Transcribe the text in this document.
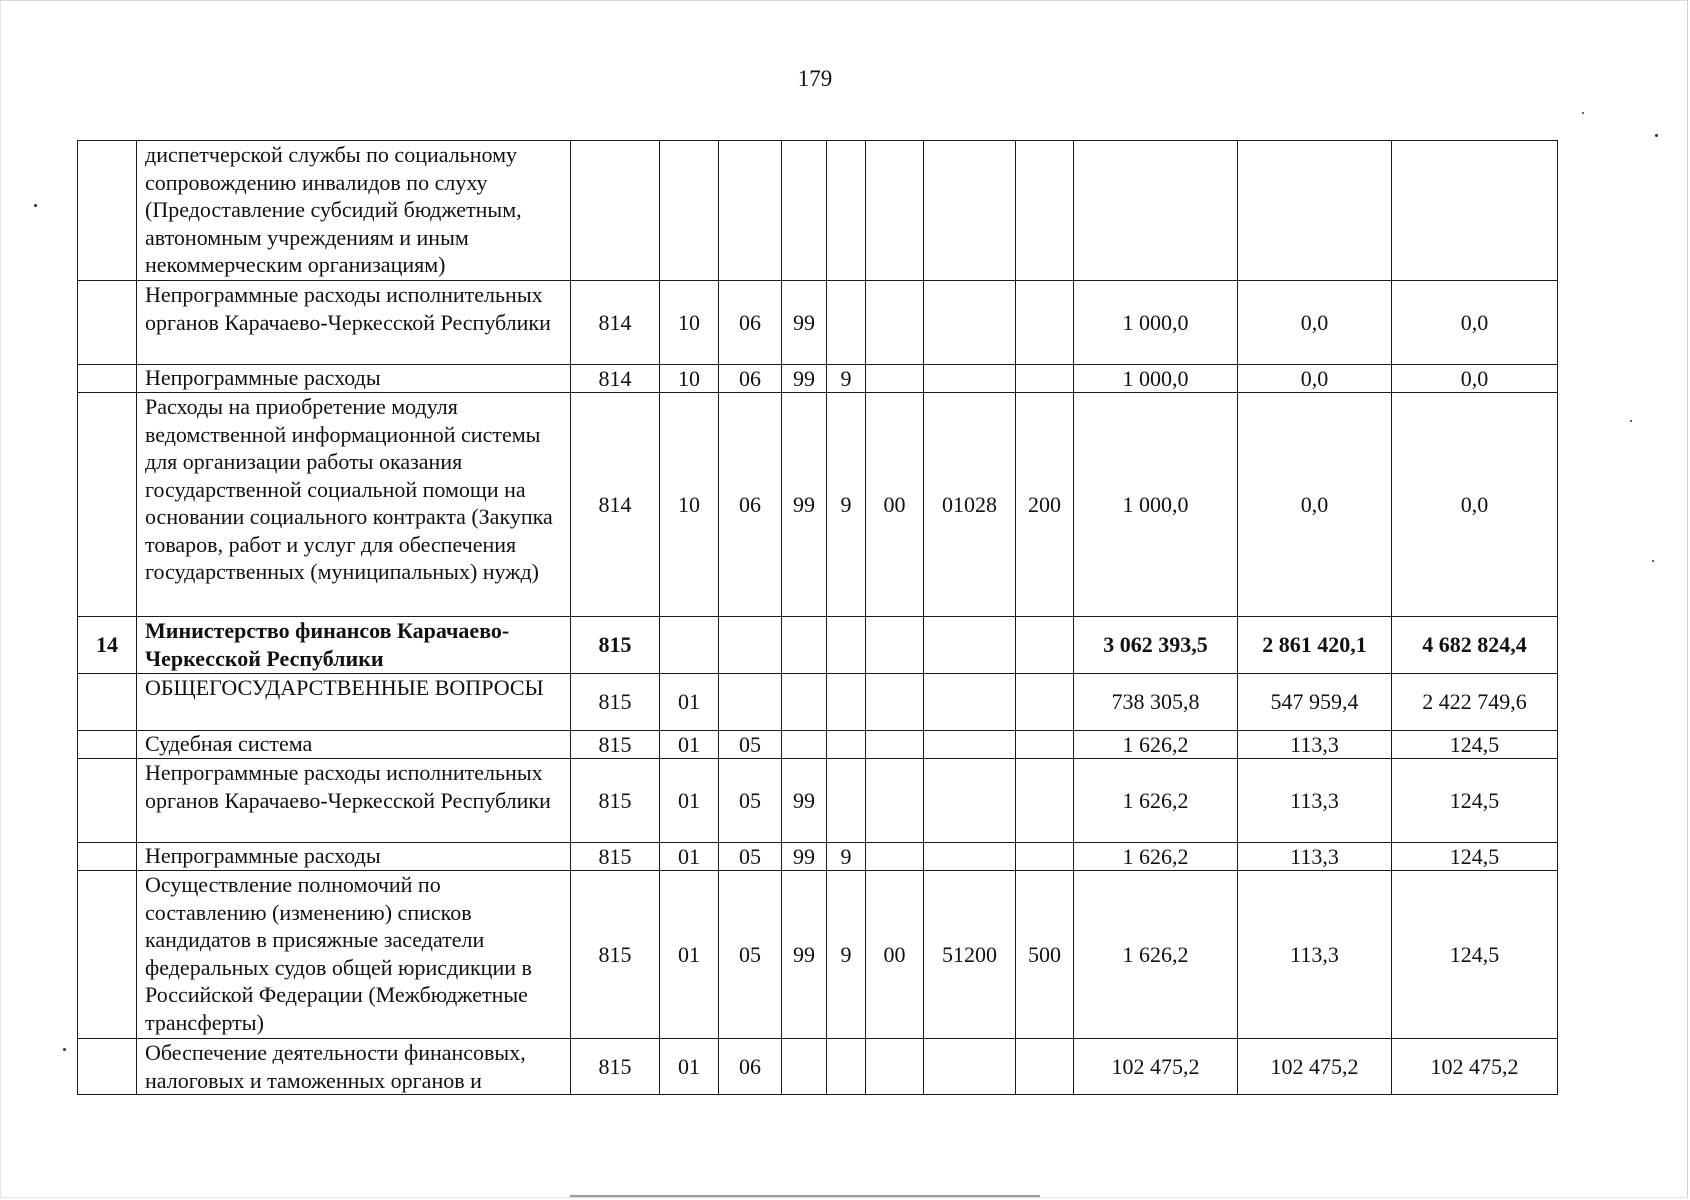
179
	диспетчерской службы по социальному сопровождению инвалидов по слуху (Предоставление субсидий бюджетным, автономным учреждениям и иным некоммерческим организациям)											
	Непрограммные расходы исполнительных органов Карачаево-Черкесской Республики	814	10	06	99					1 000,0	0,0	0,0
	Непрограммные расходы	814	10	06	99	9				1 000,0	0,0	0,0
	Расходы на приобретение модуля ведомственной информационной системы для организации работы оказания государственной социальной помощи на основании социального контракта (Закупка товаров, работ и услуг для обеспечения государственных (муниципальных) нужд)	814	10	06	99	9	00	01028	200	1 000,0	0,0	0,0
14	Министерство финансов Карачаево-Черкесской Республики	815								3 062 393,5	2 861 420,1	4 682 824,4
	ОБЩЕГОСУДАРСТВЕННЫЕ ВОПРОСЫ	815	01							738 305,8	547 959,4	2 422 749,6
	Судебная система	815	01	05						1 626,2	113,3	124,5
	Непрограммные расходы исполнительных органов Карачаево-Черкесской Республики	815	01	05	99					1 626,2	113,3	124,5
	Непрограммные расходы	815	01	05	99	9				1 626,2	113,3	124,5
	Осуществление полномочий по составлению (изменению) списков кандидатов в присяжные заседатели федеральных судов общей юрисдикции в Российской Федерации (Межбюджетные трансферты)	815	01	05	99	9	00	51200	500	1 626,2	113,3	124,5
	Обеспечение деятельности финансовых, налоговых и таможенных органов и	815	01	06						102 475,2	102 475,2	102 475,2
